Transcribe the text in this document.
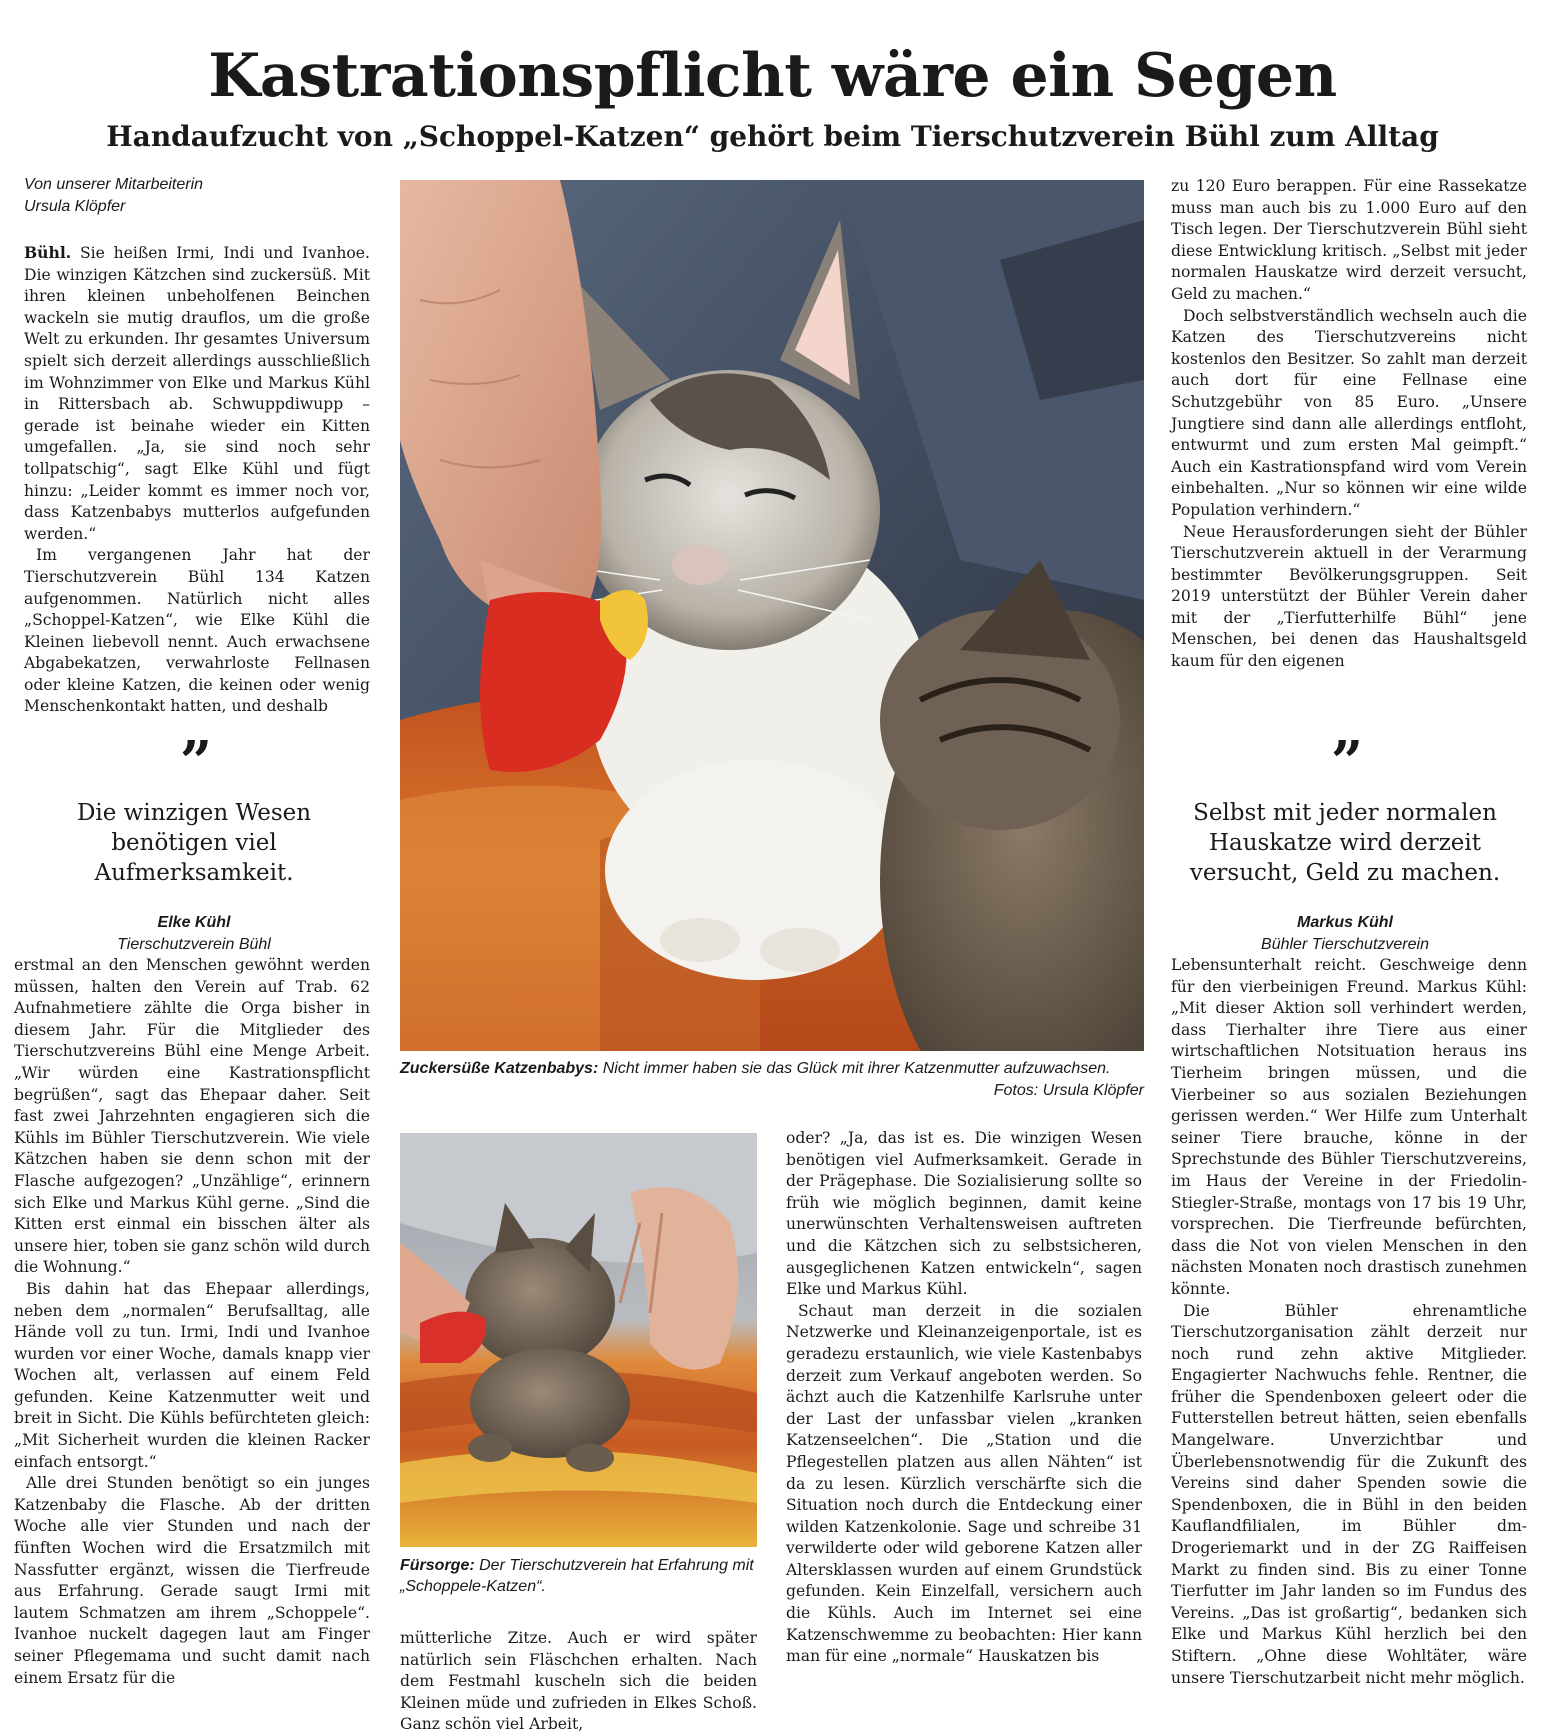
Kastrationspflicht wäre ein Segen
Handaufzucht von „Schoppel-Katzen“ gehört beim Tierschutzverein Bühl zum Alltag
Von unserer Mitarbeiterin
Ursula Klöpfer

Bühl. Sie heißen Irmi, Indi und Ivanhoe. Die winzigen Kätzchen sind zuckersüß. Mit ihren kleinen unbeholfenen Beinchen wackeln sie mutig drauflos, um die große Welt zu erkunden. Ihr gesamtes Universum spielt sich derzeit allerdings ausschließlich im Wohnzimmer von Elke und Markus Kühl in Rittersbach ab. Schwuppdiwupp – gerade ist beinahe wieder ein Kitten umgefallen. „Ja, sie sind noch sehr tollpatschig“, sagt Elke Kühl und fügt hinzu: „Leider kommt es immer noch vor, dass Katzenbabys mutterlos aufgefunden werden.“

Im vergangenen Jahr hat der Tierschutzverein Bühl 134 Katzen aufgenommen. Natürlich nicht alles „Schoppel-Katzen“, wie Elke Kühl die Kleinen liebevoll nennt. Auch erwachsene Abgabekatzen, verwahrloste Fellnasen oder kleine Katzen, die keinen oder wenig Menschenkontakt hatten, und deshalb

”
Die winzigen Wesen benötigen viel Aufmerksamkeit.
Elke Kühl
Tierschutzverein Bühl

erstmal an den Menschen gewöhnt werden müssen, halten den Verein auf Trab. 62 Aufnahmetiere zählte die Orga bisher in diesem Jahr. Für die Mitglieder des Tierschutzvereins Bühl eine Menge Arbeit. „Wir würden eine Kastrationspflicht begrüßen“, sagt das Ehepaar daher. Seit fast zwei Jahrzehnten engagieren sich die Kühls im Bühler Tierschutzverein. Wie viele Kätzchen haben sie denn schon mit der Flasche aufgezogen? „Unzählige“, erinnern sich Elke und Markus Kühl gerne. „Sind die Kitten erst einmal ein bisschen älter als unsere hier, toben sie ganz schön wild durch die Wohnung.“

Bis dahin hat das Ehepaar allerdings, neben dem „normalen“ Berufsalltag, alle Hände voll zu tun. Irmi, Indi und Ivanhoe wurden vor einer Woche, damals knapp vier Wochen alt, verlassen auf einem Feld gefunden. Keine Katzenmutter weit und breit in Sicht. Die Kühls befürchteten gleich: „Mit Sicherheit wurden die kleinen Racker einfach entsorgt.“

Alle drei Stunden benötigt so ein junges Katzenbaby die Flasche. Ab der dritten Woche alle vier Stunden und nach der fünften Wochen wird die Ersatzmilch mit Nassfutter ergänzt, wissen die Tierfreude aus Erfahrung. Gerade saugt Irmi mit lautem Schmatzen am ihrem „Schoppele“. Ivanhoe nuckelt dagegen laut am Finger seiner Pflegemama und sucht damit nach einem Ersatz für die

Zuckersüße Katzenbabys: Nicht immer haben sie das Glück mit ihrer Katzenmutter aufzuwachsen.
Fotos: Ursula Klöpfer
Fürsorge: Der Tierschutzverein hat Erfahrung mit „Schoppele-Katzen“.

mütterliche Zitze. Auch er wird später natürlich sein Fläschchen erhalten. Nach dem Festmahl kuscheln sich die beiden Kleinen müde und zufrieden in Elkes Schoß. Ganz schön viel Arbeit,

oder? „Ja, das ist es. Die winzigen Wesen benötigen viel Aufmerksamkeit. Gerade in der Prägephase. Die Sozialisierung sollte so früh wie möglich beginnen, damit keine unerwünschten Verhaltensweisen auftreten und die Kätzchen sich zu selbstsicheren, ausgeglichenen Katzen entwickeln“, sagen Elke und Markus Kühl.

Schaut man derzeit in die sozialen Netzwerke und Kleinanzeigenportale, ist es geradezu erstaunlich, wie viele Kastenbabys derzeit zum Verkauf angeboten werden. So ächzt auch die Katzenhilfe Karlsruhe unter der Last der unfassbar vielen „kranken Katzenseelchen“. Die „Station und die Pflegestellen platzen aus allen Nähten“ ist da zu lesen. Kürzlich verschärfte sich die Situation noch durch die Entdeckung einer wilden Katzenkolonie. Sage und schreibe 31 verwilderte oder wild geborene Katzen aller Altersklassen wurden auf einem Grundstück gefunden. Kein Einzelfall, versichern auch die Kühls. Auch im Internet sei eine Katzenschwemme zu beobachten: Hier kann man für eine „normale“ Hauskatzen bis

zu 120 Euro berappen. Für eine Rassekatze muss man auch bis zu 1.000 Euro auf den Tisch legen. Der Tierschutzverein Bühl sieht diese Entwicklung kritisch. „Selbst mit jeder normalen Hauskatze wird derzeit versucht, Geld zu machen.“

Doch selbstverständlich wechseln auch die Katzen des Tierschutzvereins nicht kostenlos den Besitzer. So zahlt man derzeit auch dort für eine Fellnase eine Schutzgebühr von 85 Euro. „Unsere Jungtiere sind dann alle allerdings entfloht, entwurmt und zum ersten Mal geimpft.“ Auch ein Kastrationspfand wird vom Verein einbehalten. „Nur so können wir eine wilde Population verhindern.“

Neue Herausforderungen sieht der Bühler Tierschutzverein aktuell in der Verarmung bestimmter Bevölkerungsgruppen. Seit 2019 unterstützt der Bühler Verein daher mit der „Tierfutterhilfe Bühl“ jene Menschen, bei denen das Haushaltsgeld kaum für den eigenen

”
Selbst mit jeder normalen Hauskatze wird derzeit versucht, Geld zu machen.
Markus Kühl
Bühler Tierschutzverein

Lebensunterhalt reicht. Geschweige denn für den vierbeinigen Freund. Markus Kühl: „Mit dieser Aktion soll verhindert werden, dass Tierhalter ihre Tiere aus einer wirtschaftlichen Notsituation heraus ins Tierheim bringen müssen, und die Vierbeiner so aus sozialen Beziehungen gerissen werden.“ Wer Hilfe zum Unterhalt seiner Tiere brauche, könne in der Sprechstunde des Bühler Tierschutzvereins, im Haus der Vereine in der Friedolin-Stiegler-Straße, montags von 17 bis 19 Uhr, vorsprechen. Die Tierfreunde befürchten, dass die Not von vielen Menschen in den nächsten Monaten noch drastisch zunehmen könnte.

Die Bühler ehrenamtliche Tierschutzorganisation zählt derzeit nur noch rund zehn aktive Mitglieder. Engagierter Nachwuchs fehle. Rentner, die früher die Spendenboxen geleert oder die Futterstellen betreut hätten, seien ebenfalls Mangelware. Unverzichtbar und Überlebensnotwendig für die Zukunft des Vereins sind daher Spenden sowie die Spendenboxen, die in Bühl in den beiden Kauflandfilialen, im Bühler dm-Drogeriemarkt und in der ZG Raiffeisen Markt zu finden sind. Bis zu einer Tonne Tierfutter im Jahr landen so im Fundus des Vereins. „Das ist großartig“, bedanken sich Elke und Markus Kühl herzlich bei den Stiftern. „Ohne diese Wohltäter, wäre unsere Tierschutzarbeit nicht mehr möglich.
